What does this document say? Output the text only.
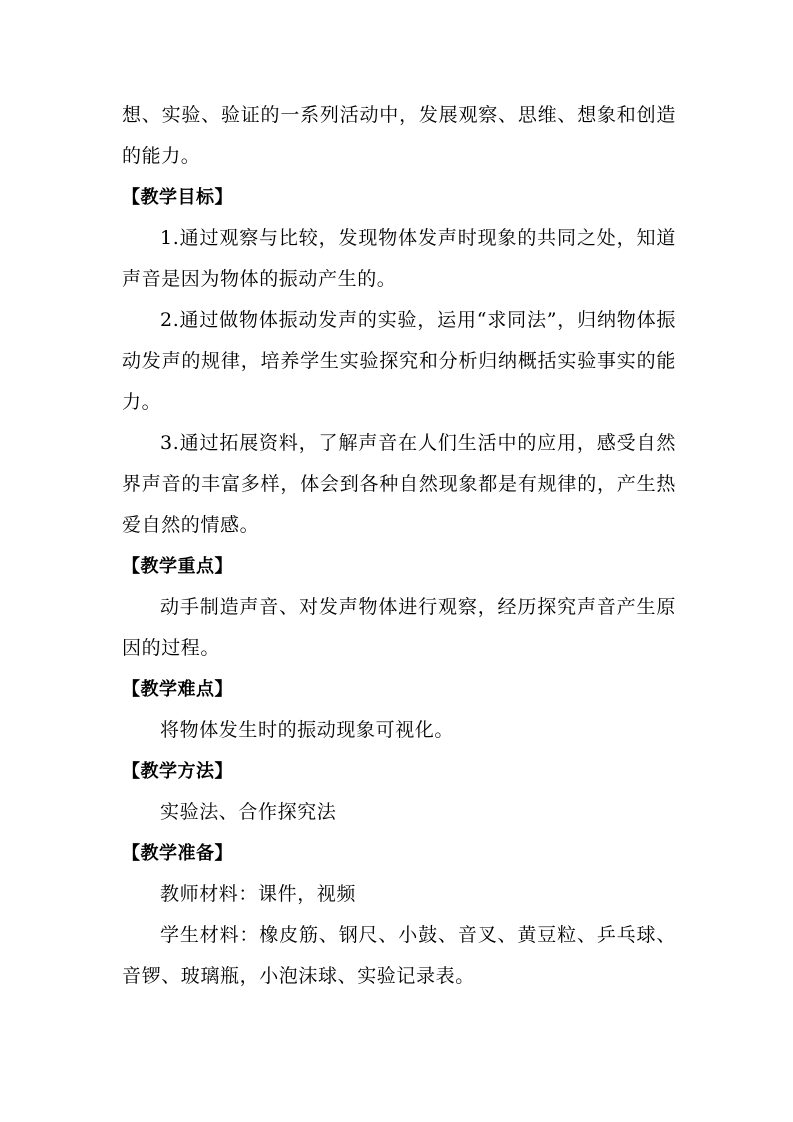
想、实验、验证的一系列活动中，发展观察、思维、想象和创造的能力。

【教学目标】

1.通过观察与比较，发现物体发声时现象的共同之处，知道声音是因为物体的振动产生的。

2.通过做物体振动发声的实验，运用“求同法”，归纳物体振动发声的规律，培养学生实验探究和分析归纳概括实验事实的能力。

3.通过拓展资料，了解声音在人们生活中的应用，感受自然界声音的丰富多样，体会到各种自然现象都是有规律的，产生热爱自然的情感。

【教学重点】

动手制造声音、对发声物体进行观察，经历探究声音产生原因的过程。

【教学难点】

将物体发生时的振动现象可视化。

【教学方法】

实验法、合作探究法

【教学准备】

教师材料：课件，视频

学生材料：橡皮筋、钢尺、小鼓、音叉、黄豆粒、乒乓球、音锣、玻璃瓶，小泡沫球、实验记录表。
